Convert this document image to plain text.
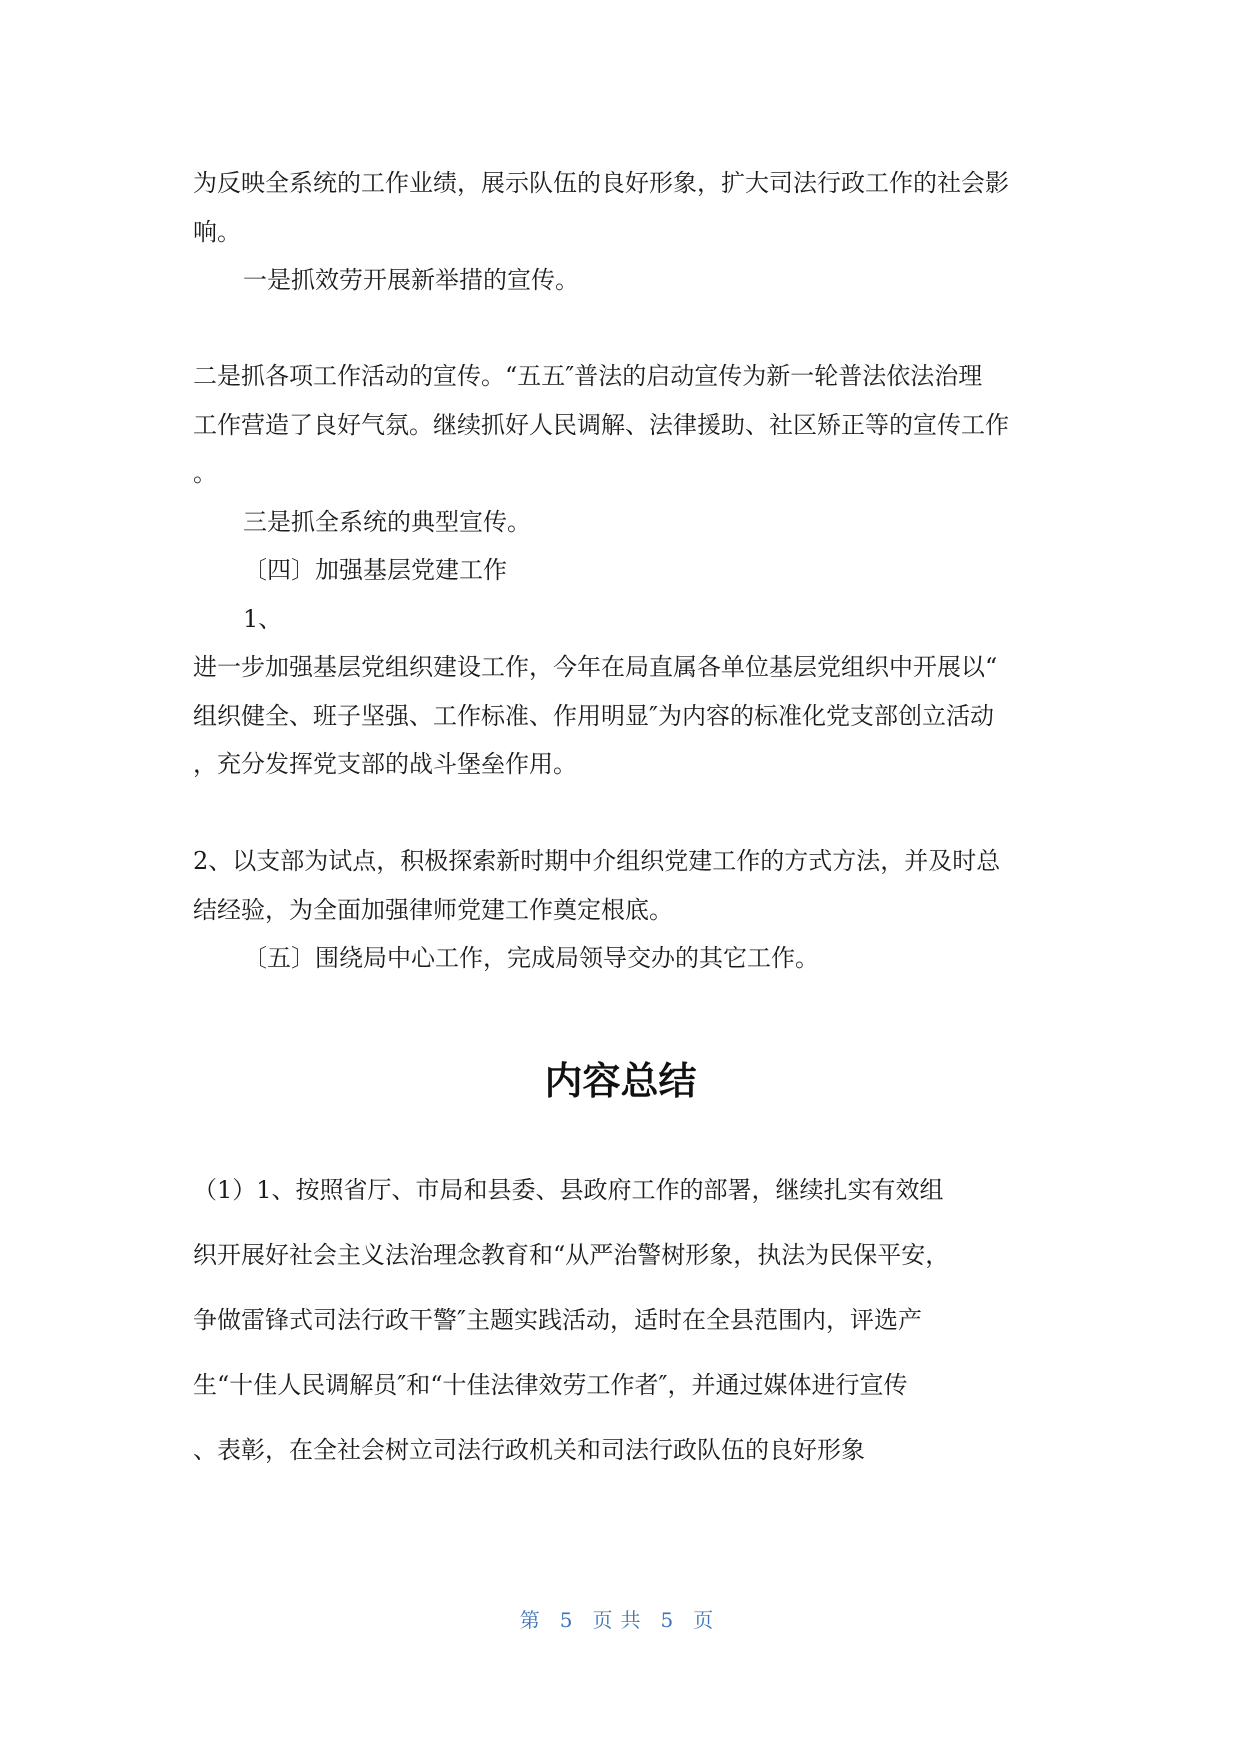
为反映全系统的工作业绩，展示队伍的良好形象，扩大司法行政工作的社会影
响。
一是抓效劳开展新举措的宣传。
二是抓各项工作活动的宣传。“五五″普法的启动宣传为新一轮普法依法治理
工作营造了良好气氛。继续抓好人民调解、法律援助、社区矫正等的宣传工作
。
三是抓全系统的典型宣传。
〔四〕加强基层党建工作
1、
进一步加强基层党组织建设工作，今年在局直属各单位基层党组织中开展以“
组织健全、班子坚强、工作标准、作用明显″为内容的标准化党支部创立活动
，充分发挥党支部的战斗堡垒作用。
2、以支部为试点，积极探索新时期中介组织党建工作的方式方法，并及时总
结经验，为全面加强律师党建工作奠定根底。
〔五〕围绕局中心工作，完成局领导交办的其它工作。
内容总结
（1）1、按照省厅、市局和县委、县政府工作的部署，继续扎实有效组
织开展好社会主义法治理念教育和“从严治警树形象，执法为民保平安，
争做雷锋式司法行政干警″主题实践活动，适时在全县范围内，评选产
生“十佳人民调解员″和“十佳法律效劳工作者″，并通过媒体进行宣传
、表彰，在全社会树立司法行政机关和司法行政队伍的良好形象
第 5 页共 5 页
